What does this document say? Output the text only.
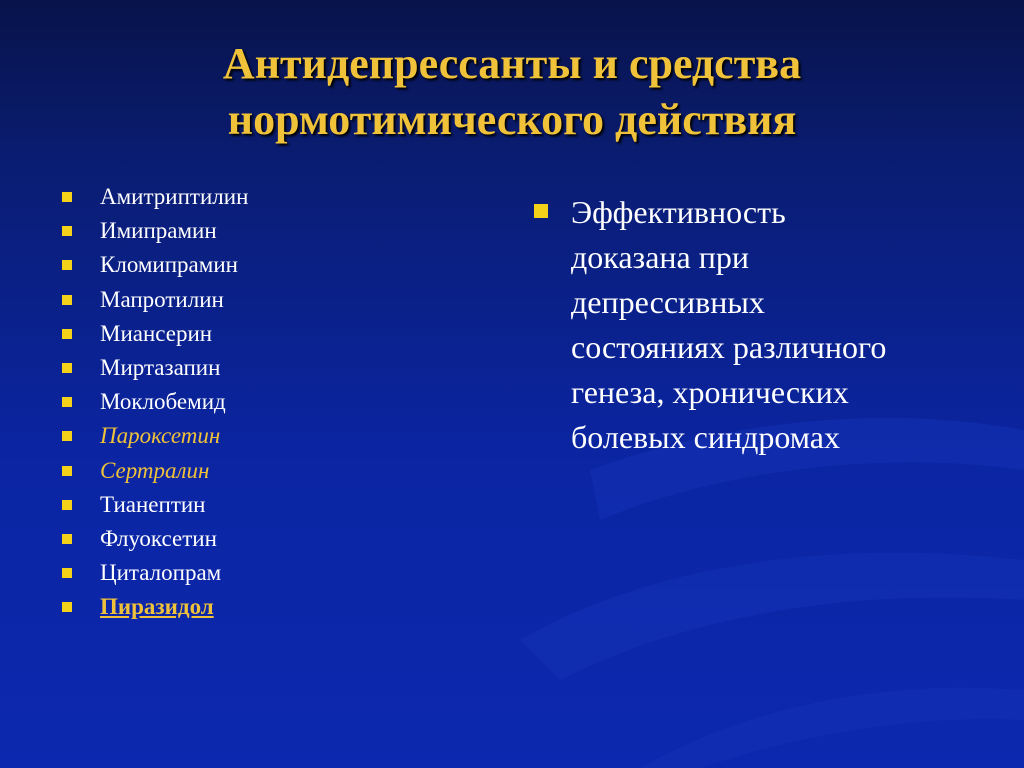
Антидепрессанты и средства
нормотимического действия
Амитриптилин
Имипрамин
Кломипрамин
Мапротилин
Миансерин
Миртазапин
Моклобемид
Пароксетин
Сертралин
Тианептин
Флуоксетин
Циталопрам
Пиразидол
Эффективность
доказана при
депрессивных
состояниях различного
генеза, хронических
болевых синдромах
